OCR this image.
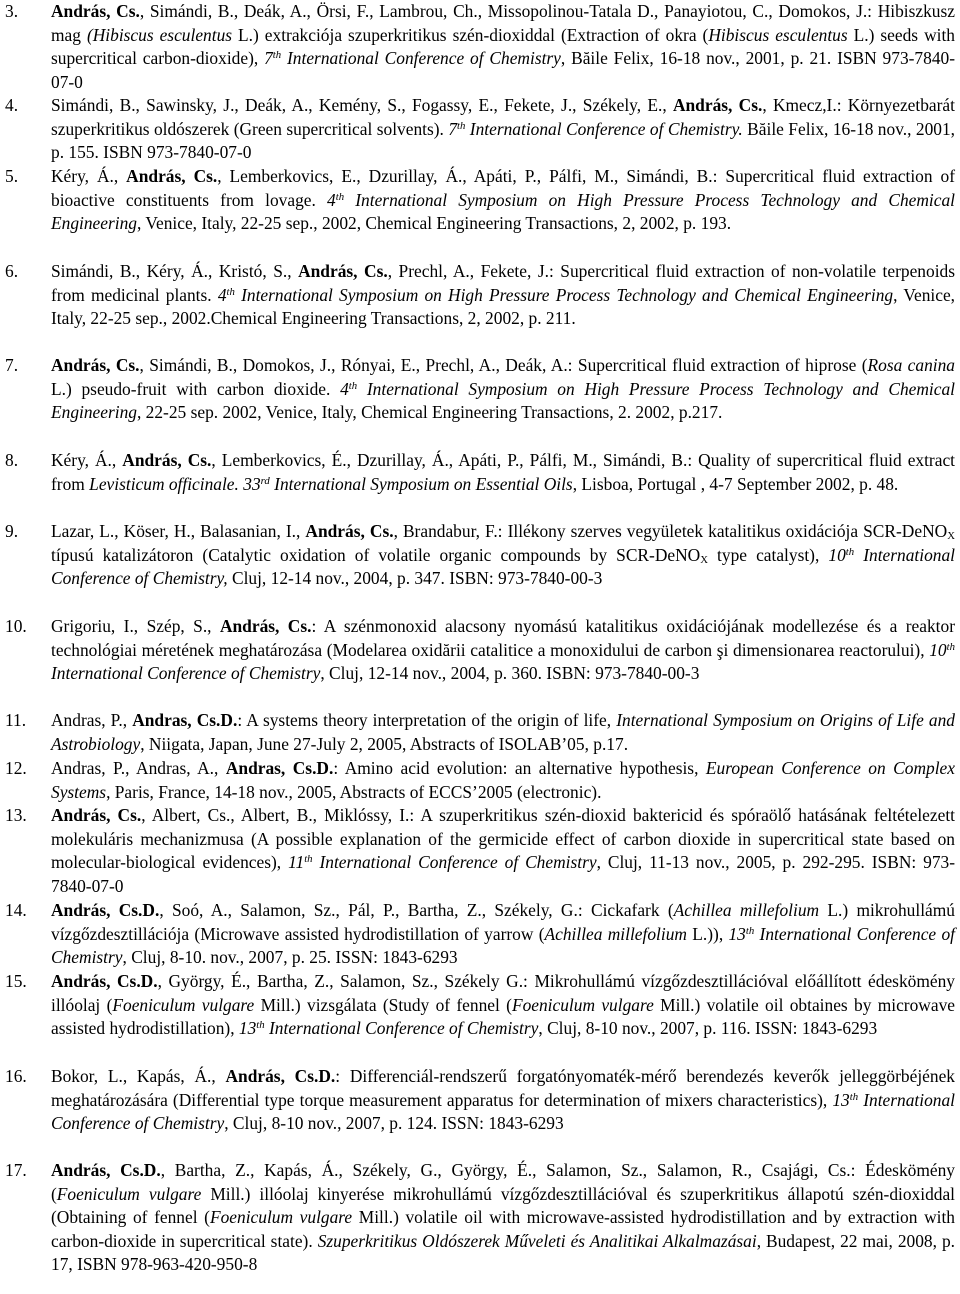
3. András, Cs., Simándi, B., Deák, A., Örsi, F., Lambrou, Ch., Missopolinou-Tatala D., Panayiotou, C., Domokos, J.: Hibiszkusz mag (Hibiscus esculentus L.) extrakciója szuperkritikus szén-dioxiddal (Extraction of okra (Hibiscus esculentus L.) seeds with supercritical carbon-dioxide), 7th International Conference of Chemistry, Băile Felix, 16-18 nov., 2001, p. 21. ISBN 973-7840-07-0
4. Simándi, B., Sawinsky, J., Deák, A., Kemény, S., Fogassy, E., Fekete, J., Székely, E., András, Cs., Kmecz,I.: Környezetbarát szuperkritikus oldószerek (Green supercritical solvents). 7th International Conference of Chemistry. Băile Felix, 16-18 nov., 2001, p. 155. ISBN 973-7840-07-0
5. Kéry, Á., András, Cs., Lemberkovics, E., Dzurillay, Á., Apáti, P., Pálfi, M., Simándi, B.: Supercritical fluid extraction of bioactive constituents from lovage. 4th International Symposium on High Pressure Process Technology and Chemical Engineering, Venice, Italy, 22-25 sep., 2002, Chemical Engineering Transactions, 2, 2002, p. 193.
6. Simándi, B., Kéry, Á., Kristó, S., András, Cs., Prechl, A., Fekete, J.: Supercritical fluid extraction of non-volatile terpenoids from medicinal plants. 4th International Symposium on High Pressure Process Technology and Chemical Engineering, Venice, Italy, 22-25 sep., 2002.Chemical Engineering Transactions, 2, 2002, p. 211.
7. András, Cs., Simándi, B., Domokos, J., Rónyai, E., Prechl, A., Deák, A.: Supercritical fluid extraction of hiprose (Rosa canina L.) pseudo-fruit with carbon dioxide. 4th International Symposium on High Pressure Process Technology and Chemical Engineering, 22-25 sep. 2002, Venice, Italy, Chemical Engineering Transactions, 2. 2002, p.217.
8. Kéry, Á., András, Cs., Lemberkovics, É., Dzurillay, Á., Apáti, P., Pálfi, M., Simándi, B.: Quality of supercritical fluid extract from Levisticum officinale. 33rd International Symposium on Essential Oils, Lisboa, Portugal , 4-7 September 2002, p. 48.
9. Lazar, L., Köser, H., Balasanian, I., András, Cs., Brandabur, F.: Illékony szerves vegyületek katalitikus oxidációja SCR-DeNO$_X$ típusú katalizátoron (Catalytic oxidation of volatile organic compounds by SCR-DeNO$_X$ type catalyst), 10th International Conference of Chemistry, Cluj, 12-14 nov., 2004, p. 347. ISBN: 973-7840-00-3
10. Grigoriu, I., Szép, S., András, Cs.: A szénmonoxid alacsony nyomású katalitikus oxidációjának modellezése és a reaktor technológiai méretének meghatározása (Modelarea oxidării catalitice a monoxidului de carbon şi dimensionarea reactorului), 10th International Conference of Chemistry, Cluj, 12-14 nov., 2004, p. 360. ISBN: 973-7840-00-3
11. Andras, P., Andras, Cs.D.: A systems theory interpretation of the origin of life, International Symposium on Origins of Life and Astrobiology, Niigata, Japan, June 27-July 2, 2005, Abstracts of ISOLAB’05, p.17.
12. Andras, P., Andras, A., Andras, Cs.D.: Amino acid evolution: an alternative hypothesis, European Conference on Complex Systems, Paris, France, 14-18 nov., 2005, Abstracts of ECCS’2005 (electronic).
13. András, Cs., Albert, Cs., Albert, B., Miklóssy, I.: A szuperkritikus szén-dioxid baktericid és spóraölő hatásának feltételezett molekuláris mechanizmusa (A possible explanation of the germicide effect of carbon dioxide in supercritical state based on molecular-biological evidences), 11th International Conference of Chemistry, Cluj, 11-13 nov., 2005, p. 292-295. ISBN: 973-7840-07-0
14. András, Cs.D., Soó, A., Salamon, Sz., Pál, P., Bartha, Z., Székely, G.: Cickafark (Achillea millefolium L.) mikrohullámú vízgőzdesztillációja (Microwave assisted hydrodistillation of yarrow (Achillea millefolium L.)), 13th International Conference of Chemistry, Cluj, 8-10. nov., 2007, p. 25. ISSN: 1843-6293
15. András, Cs.D., György, É., Bartha, Z., Salamon, Sz., Székely G.: Mikrohullámú vízgőzdesztillációval előállított édeskömény illóolaj (Foeniculum vulgare Mill.) vizsgálata (Study of fennel (Foeniculum vulgare Mill.) volatile oil obtaines by microwave assisted hydrodistillation), 13th International Conference of Chemistry, Cluj, 8-10 nov., 2007, p. 116. ISSN: 1843-6293
16. Bokor, L., Kapás, Á., András, Cs.D.: Differenciál-rendszerű forgatónyomaték-mérő berendezés keverők jelleggörbéjének meghatározására (Differential type torque measurement apparatus for determination of mixers characteristics), 13th International Conference of Chemistry, Cluj, 8-10 nov., 2007, p. 124. ISSN: 1843-6293
17. András, Cs.D., Bartha, Z., Kapás, Á., Székely, G., György, É., Salamon, Sz., Salamon, R., Csajági, Cs.: Édeskömény (Foeniculum vulgare Mill.) illóolaj kinyerése mikrohullámú vízgőzdesztillációval és szuperkritikus állapotú szén-dioxiddal (Obtaining of fennel (Foeniculum vulgare Mill.) volatile oil with microwave-assisted hydrodistillation and by extraction with carbon-dioxide in supercritical state). Szuperkritikus Oldószerek Műveleti és Analitikai Alkalmazásai, Budapest, 22 mai, 2008, p. 17, ISBN 978-963-420-950-8
